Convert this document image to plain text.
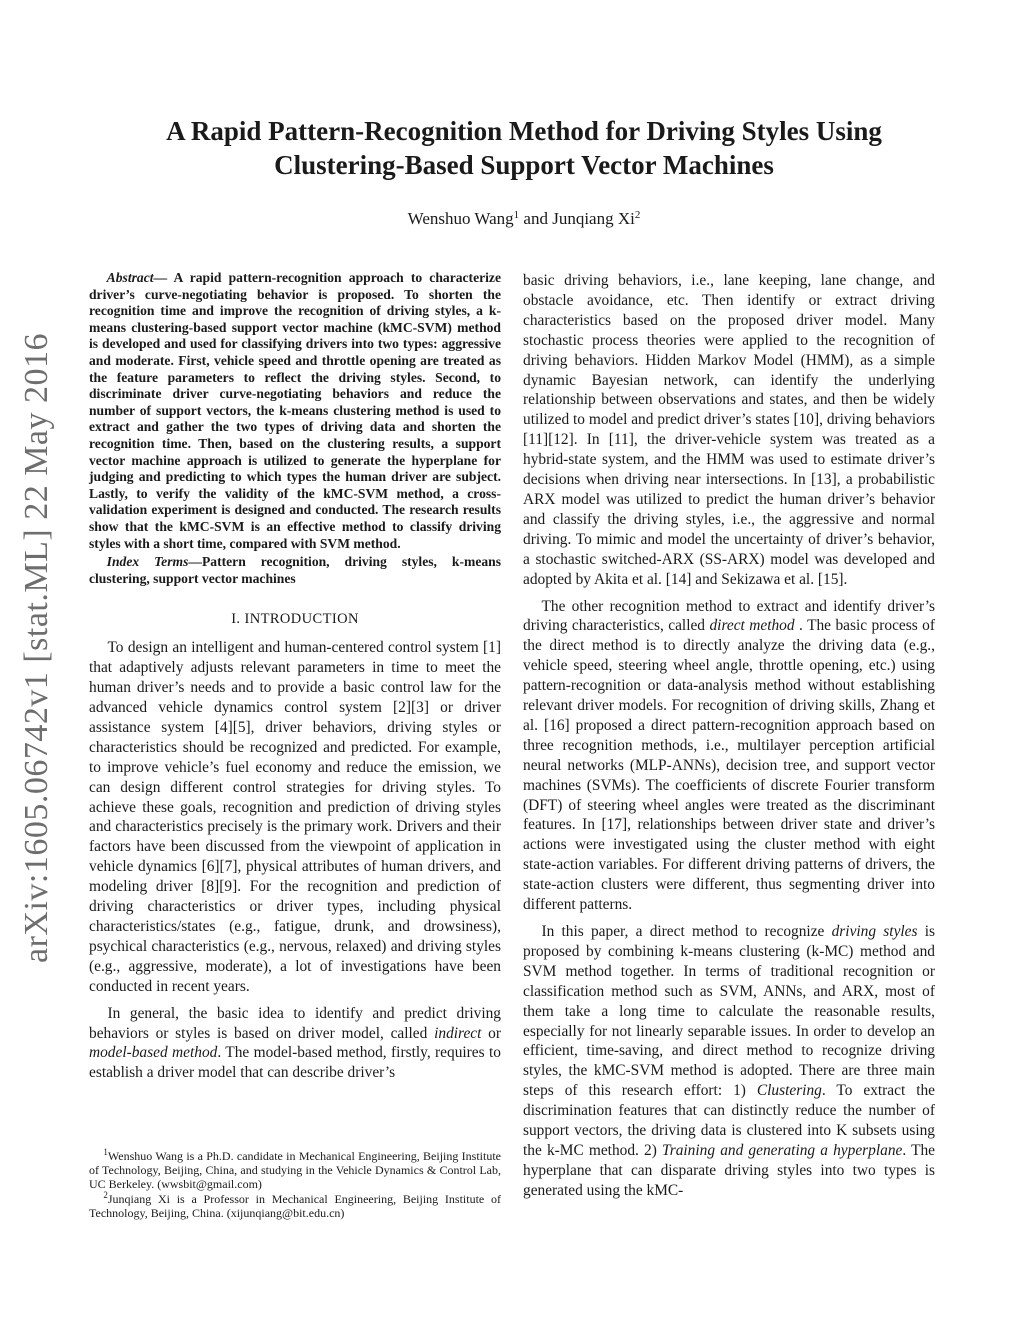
arXiv:1605.06742v1 [stat.ML] 22 May 2016
A Rapid Pattern-Recognition Method for Driving Styles Using
Clustering-Based Support Vector Machines
Wenshuo Wang$^1$ and Junqiang Xi$^2$

Abstract— A rapid pattern-recognition approach to characterize driver’s curve-negotiating behavior is proposed. To shorten the recognition time and improve the recognition of driving styles, a k-means clustering-based support vector machine (kMC-SVM) method is developed and used for classifying drivers into two types: aggressive and moderate. First, vehicle speed and throttle opening are treated as the feature parameters to reflect the driving styles. Second, to discriminate driver curve-negotiating behaviors and reduce the number of support vectors, the k-means clustering method is used to extract and gather the two types of driving data and shorten the recognition time. Then, based on the clustering results, a support vector machine approach is utilized to generate the hyperplane for judging and predicting to which types the human driver are subject. Lastly, to verify the validity of the kMC-SVM method, a cross-validation experiment is designed and conducted. The research results show that the kMC-SVM is an effective method to classify driving styles with a short time, compared with SVM method.

Index Terms—Pattern recognition, driving styles, k-means clustering, support vector machines

I. INTRODUCTION

To design an intelligent and human-centered control system [1] that adaptively adjusts relevant parameters in time to meet the human driver’s needs and to provide a basic control law for the advanced vehicle dynamics control system [2][3] or driver assistance system [4][5], driver behaviors, driving styles or characteristics should be recognized and predicted. For example, to improve vehicle’s fuel economy and reduce the emission, we can design different control strategies for driving styles. To achieve these goals, recognition and prediction of driving styles and characteristics precisely is the primary work. Drivers and their factors have been discussed from the viewpoint of application in vehicle dynamics [6][7], physical attributes of human drivers, and modeling driver [8][9]. For the recognition and prediction of driving characteristics or driver types, including physical characteristics/states (e.g., fatigue, drunk, and drowsiness), psychical characteristics (e.g., nervous, relaxed) and driving styles (e.g., aggressive, moderate), a lot of investigations have been conducted in recent years.

In general, the basic idea to identify and predict driving behaviors or styles is based on driver model, called indirect or model-based method. The model-based method, firstly, requires to establish a driver model that can describe driver’s

$^1$Wenshuo Wang is a Ph.D. candidate in Mechanical Engineering, Beijing Institute of Technology, Beijing, China, and studying in the Vehicle Dynamics & Control Lab, UC Berkeley. (wwsbit@gmail.com)

$^2$Junqiang Xi is a Professor in Mechanical Engineering, Beijing Institute of Technology, Beijing, China. (xijunqiang@bit.edu.cn)

basic driving behaviors, i.e., lane keeping, lane change, and obstacle avoidance, etc. Then identify or extract driving characteristics based on the proposed driver model. Many stochastic process theories were applied to the recognition of driving behaviors. Hidden Markov Model (HMM), as a simple dynamic Bayesian network, can identify the underlying relationship between observations and states, and then be widely utilized to model and predict driver’s states [10], driving behaviors [11][12]. In [11], the driver-vehicle system was treated as a hybrid-state system, and the HMM was used to estimate driver’s decisions when driving near intersections. In [13], a probabilistic ARX model was utilized to predict the human driver’s behavior and classify the driving styles, i.e., the aggressive and normal driving. To mimic and model the uncertainty of driver’s behavior, a stochastic switched-ARX (SS-ARX) model was developed and adopted by Akita et al. [14] and Sekizawa et al. [15].

The other recognition method to extract and identify driver’s driving characteristics, called direct method . The basic process of the direct method is to directly analyze the driving data (e.g., vehicle speed, steering wheel angle, throttle opening, etc.) using pattern-recognition or data-analysis method without establishing relevant driver models. For recognition of driving skills, Zhang et al. [16] proposed a direct pattern-recognition approach based on three recognition methods, i.e., multilayer perception artificial neural networks (MLP-ANNs), decision tree, and support vector machines (SVMs). The coefficients of discrete Fourier transform (DFT) of steering wheel angles were treated as the discriminant features. In [17], relationships between driver state and driver’s actions were investigated using the cluster method with eight state-action variables. For different driving patterns of drivers, the state-action clusters were different, thus segmenting driver into different patterns.

In this paper, a direct method to recognize driving styles is proposed by combining k-means clustering (k-MC) method and SVM method together. In terms of traditional recognition or classification method such as SVM, ANNs, and ARX, most of them take a long time to calculate the reasonable results, especially for not linearly separable issues. In order to develop an efficient, time-saving, and direct method to recognize driving styles, the kMC-SVM method is adopted. There are three main steps of this research effort: 1) Clustering. To extract the discrimination features that can distinctly reduce the number of support vectors, the driving data is clustered into K subsets using the k-MC method. 2) Training and generating a hyperplane. The hyperplane that can disparate driving styles into two types is generated using the kMC-
